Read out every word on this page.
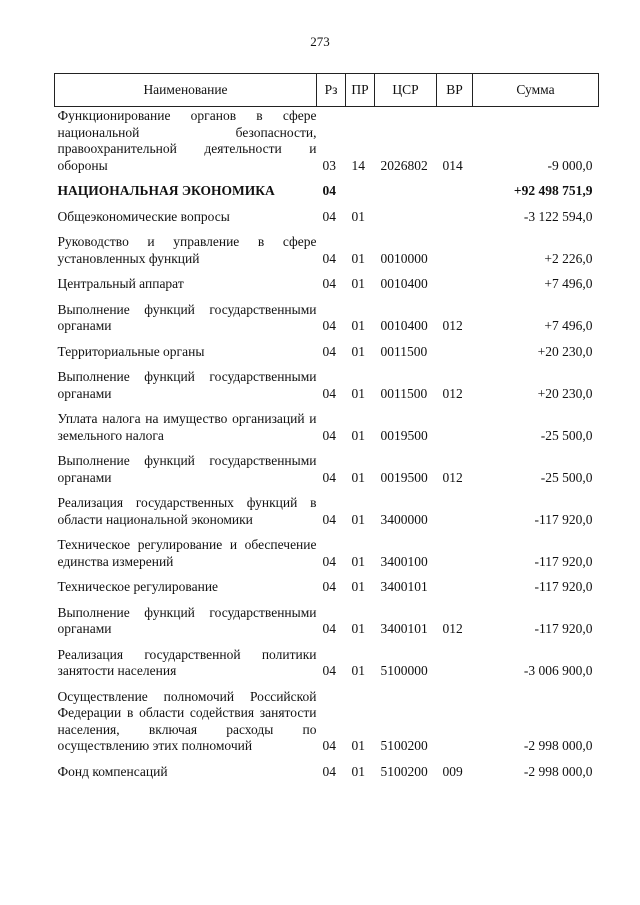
273
Наименование	Рз	ПР	ЦСР	ВР	Сумма
Функционирование органов в сфере национальной безопасности, правоохранительной деятельности и обороны	03	14	2026802	014	-9 000,0
НАЦИОНАЛЬНАЯ ЭКОНОМИКА	04				+92 498 751,9
Общеэкономические вопросы	04	01			-3 122 594,0
Руководство и управление в сфере установленных функций	04	01	0010000		+2 226,0
Центральный аппарат	04	01	0010400		+7 496,0
Выполнение функций государственными органами	04	01	0010400	012	+7 496,0
Территориальные органы	04	01	0011500		+20 230,0
Выполнение функций государственными органами	04	01	0011500	012	+20 230,0
Уплата налога на имущество организаций и земельного налога	04	01	0019500		-25 500,0
Выполнение функций государственными органами	04	01	0019500	012	-25 500,0
Реализация государственных функций в области национальной экономики	04	01	3400000		-117 920,0
Техническое регулирование и обеспечение единства измерений	04	01	3400100		-117 920,0
Техническое регулирование	04	01	3400101		-117 920,0
Выполнение функций государственными органами	04	01	3400101	012	-117 920,0
Реализация государственной политики занятости населения	04	01	5100000		-3 006 900,0
Осуществление полномочий Российской Федерации в области содействия занятости населения, включая расходы по осуществлению этих полномочий	04	01	5100200		-2 998 000,0
Фонд компенсаций	04	01	5100200	009	-2 998 000,0
